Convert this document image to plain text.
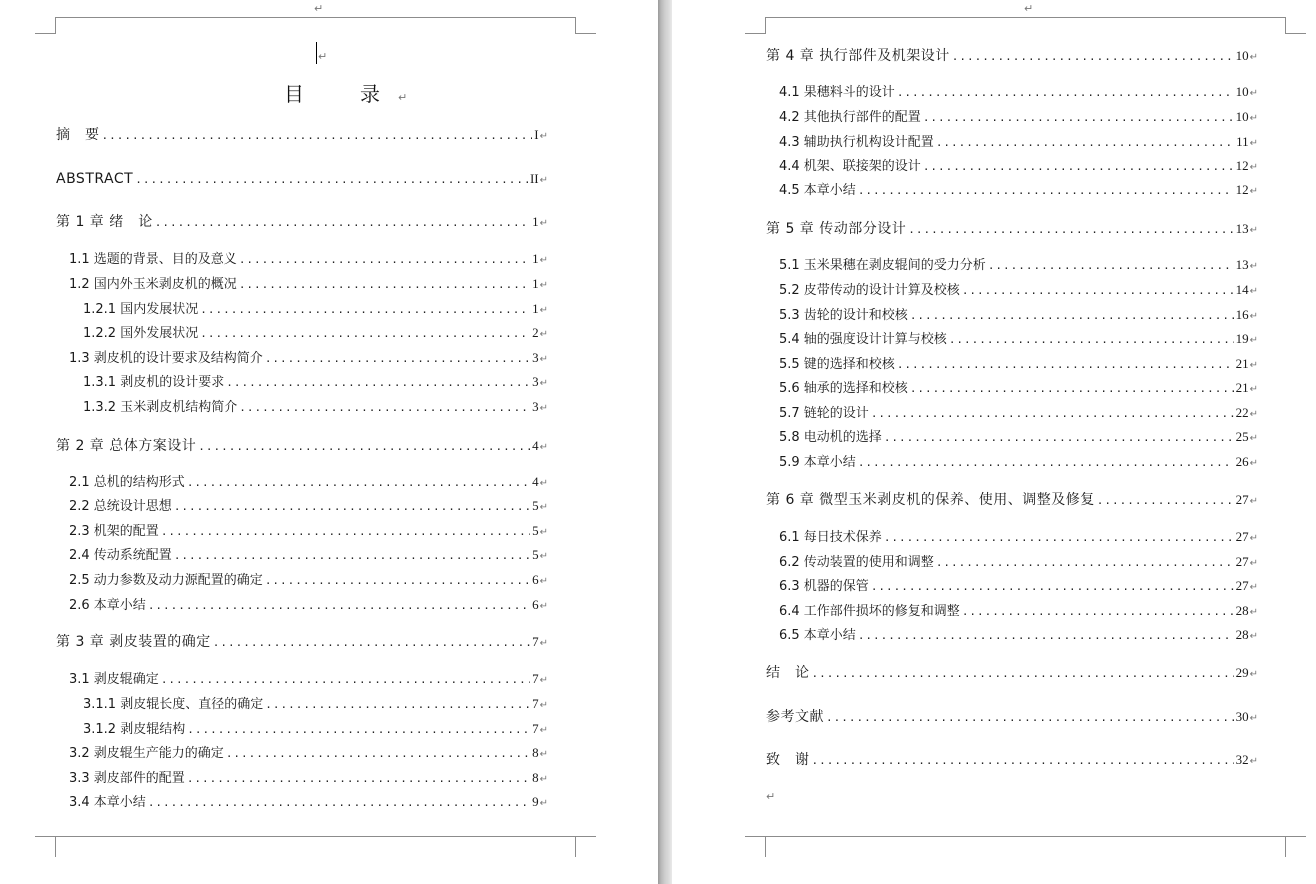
↵
↵
目　录↵
摘　要 .....	I ↵
ABSTRACT .....	II ↵
第 1 章 绪　论 .....	1 ↵
1.1 选题的背景、目的及意义 .....	1 ↵
1.2 国内外玉米剥皮机的概况 .....	1 ↵
1.2.1 国内发展状况 .....	1 ↵
1.2.2 国外发展状况 .....	2 ↵
1.3 剥皮机的设计要求及结构简介 .....	3 ↵
1.3.1 剥皮机的设计要求 .....	3 ↵
1.3.2 玉米剥皮机结构简介 .....	3 ↵
第 2 章 总体方案设计 .....	4 ↵
2.1 总机的结构形式 .....	4 ↵
2.2 总统设计思想 .....	5 ↵
2.3 机架的配置 .....	5 ↵
2.4 传动系统配置 .....	5 ↵
2.5 动力参数及动力源配置的确定 .....	6 ↵
2.6 本章小结 .....	6 ↵
第 3 章 剥皮装置的确定 .....	7 ↵
3.1 剥皮辊确定 .....	7 ↵
3.1.1 剥皮辊长度、直径的确定 .....	7 ↵
3.1.2 剥皮辊结构 .....	7 ↵
3.2 剥皮辊生产能力的确定 .....	8 ↵
3.3 剥皮部件的配置 .....	8 ↵
3.4 本章小结 .....	9 ↵
↵
第 4 章 执行部件及机架设计 .....	10 ↵
4.1 果穗料斗的设计 .....	10 ↵
4.2 其他执行部件的配置 .....	10 ↵
4.3 辅助执行机构设计配置 .....	11 ↵
4.4 机架、联接架的设计 .....	12 ↵
4.5 本章小结 .....	12 ↵
第 5 章 传动部分设计 .....	13 ↵
5.1 玉米果穗在剥皮辊间的受力分析 .....	13 ↵
5.2 皮带传动的设计计算及校核 .....	14 ↵
5.3 齿轮的设计和校核 .....	16 ↵
5.4 轴的强度设计计算与校核 .....	19 ↵
5.5 键的选择和校核 .....	21 ↵
5.6 轴承的选择和校核 .....	21 ↵
5.7 链轮的设计 .....	22 ↵
5.8 电动机的选择 .....	25 ↵
5.9 本章小结 .....	26 ↵
第 6 章 微型玉米剥皮机的保养、使用、调整及修复 .....	27 ↵
6.1 每日技术保养 .....	27 ↵
6.2 传动装置的使用和调整 .....	27 ↵
6.3 机器的保管 .....	27 ↵
6.4 工作部件损坏的修复和调整 .....	28 ↵
6.5 本章小结 .....	28 ↵
结　论 .....	29 ↵
参考文献 .....	30 ↵
致　谢 .....	32 ↵
↵
